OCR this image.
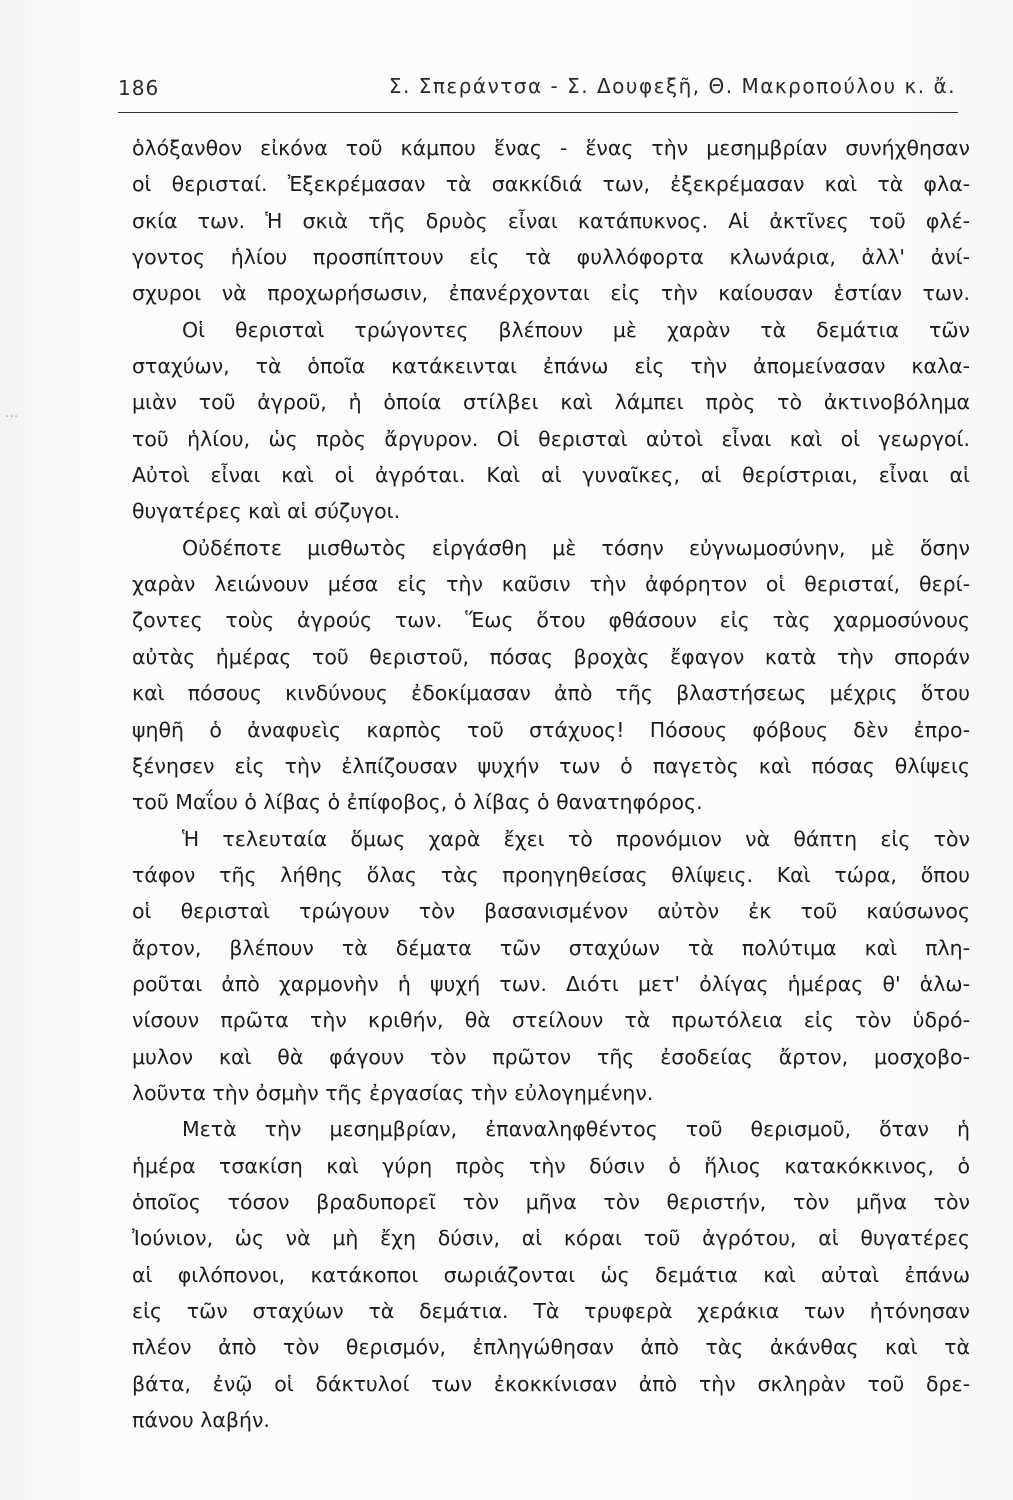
...
186	Σ. Σπεράντσα - Σ. Δουφεξῆ, Θ. Μακροπούλου κ. ἄ.
ὁλόξανθον εἰκόνα τοῦ κάμπου ἕνας - ἕνας τὴν μεσημβρίαν συνήχθησαν
οἱ θερισταί. Ἐξεκρέμασαν τὰ σακκίδιά των, ἐξεκρέμασαν καὶ τὰ φλα-
σκία των. Ἡ σκιὰ τῆς δρυὸς εἶναι κατάπυκνος. Αἱ ἀκτῖνες τοῦ φλέ-
γοντος ἡλίου προσπίπτουν εἰς τὰ φυλλόφορτα κλωνάρια, ἀλλ' ἀνί-
σχυροι νὰ προχωρήσωσιν, ἐπανέρχονται εἰς τὴν καίουσαν ἑστίαν των.
Οἱ θερισταὶ τρώγοντες βλέπουν μὲ χαρὰν τὰ δεμάτια τῶν
σταχύων, τὰ ὁποῖα κατάκεινται ἐπάνω εἰς τὴν ἀπομείνασαν καλα-
μιὰν τοῦ ἀγροῦ, ἡ ὁποία στίλβει καὶ λάμπει πρὸς τὸ ἀκτινοβόλημα
τοῦ ἡλίου, ὡς πρὸς ἄργυρον. Οἱ θερισταὶ αὐτοὶ εἶναι καὶ οἱ γεωργοί.
Αὐτοὶ εἶναι καὶ οἱ ἀγρόται. Καὶ αἱ γυναῖκες, αἱ θερίστριαι, εἶναι αἱ
θυγατέρες καὶ αἱ σύζυγοι.
Οὐδέποτε μισθωτὸς εἰργάσθη μὲ τόσην εὐγνωμοσύνην, μὲ ὅσην
χαρὰν λειώνουν μέσα εἰς τὴν καῦσιν τὴν ἀφόρητον οἱ θερισταί, θερί-
ζοντες τοὺς ἀγρούς των. Ἕως ὅτου φθάσουν εἰς τὰς χαρμοσύνους
αὐτὰς ἡμέρας τοῦ θεριστοῦ, πόσας βροχὰς ἔφαγον κατὰ τὴν σποράν
καὶ πόσους κινδύνους ἐδοκίμασαν ἀπὸ τῆς βλαστήσεως μέχρις ὅτου
ψηθῆ ὁ ἀναφυεὶς καρπὸς τοῦ στάχυος! Πόσους φόβους δὲν ἐπρο-
ξένησεν εἰς τὴν ἐλπίζουσαν ψυχήν των ὁ παγετὸς καὶ πόσας θλίψεις
τοῦ Μαΐου ὁ λίβας ὁ ἐπίφοβος, ὁ λίβας ὁ θανατηφόρος.
Ἡ τελευταία ὅμως χαρὰ ἔχει τὸ προνόμιον νὰ θάπτη εἰς τὸν
τάφον τῆς λήθης ὅλας τὰς προηγηθείσας θλίψεις. Καὶ τώρα, ὅπου
οἱ θερισταὶ τρώγουν τὸν βασανισμένον αὐτὸν ἐκ τοῦ καύσωνος
ἄρτον, βλέπουν τὰ δέματα τῶν σταχύων τὰ πολύτιμα καὶ πλη-
ροῦται ἀπὸ χαρμονὴν ἡ ψυχή των. Διότι μετ' ὀλίγας ἡμέρας θ' ἁλω-
νίσουν πρῶτα τὴν κριθήν, θὰ στείλουν τὰ πρωτόλεια εἰς τὸν ὑδρό-
μυλον καὶ θὰ φάγουν τὸν πρῶτον τῆς ἐσοδείας ἄρτον, μοσχοβο-
λοῦντα τὴν ὀσμὴν τῆς ἐργασίας τὴν εὐλογημένην.
Μετὰ τὴν μεσημβρίαν, ἐπαναληφθέντος τοῦ θερισμοῦ, ὅταν ἡ
ἡμέρα τσακίση καὶ γύρη πρὸς τὴν δύσιν ὁ ἥλιος κατακόκκινος, ὁ
ὁποῖος τόσον βραδυπορεῖ τὸν μῆνα τὸν θεριστήν, τὸν μῆνα τὸν
Ἰούνιον, ὡς νὰ μὴ ἔχη δύσιν, αἱ κόραι τοῦ ἀγρότου, αἱ θυγατέρες
αἱ φιλόπονοι, κατάκοποι σωριάζονται ὡς δεμάτια καὶ αὐταὶ ἐπάνω
εἰς τῶν σταχύων τὰ δεμάτια. Τὰ τρυφερὰ χεράκια των ἠτόνησαν
πλέον ἀπὸ τὸν θερισμόν, ἐπληγώθησαν ἀπὸ τὰς ἀκάνθας καὶ τὰ
βάτα, ἐνῷ οἱ δάκτυλοί των ἐκοκκίνισαν ἀπὸ τὴν σκληρὰν τοῦ δρε-
πάνου λαβήν.
